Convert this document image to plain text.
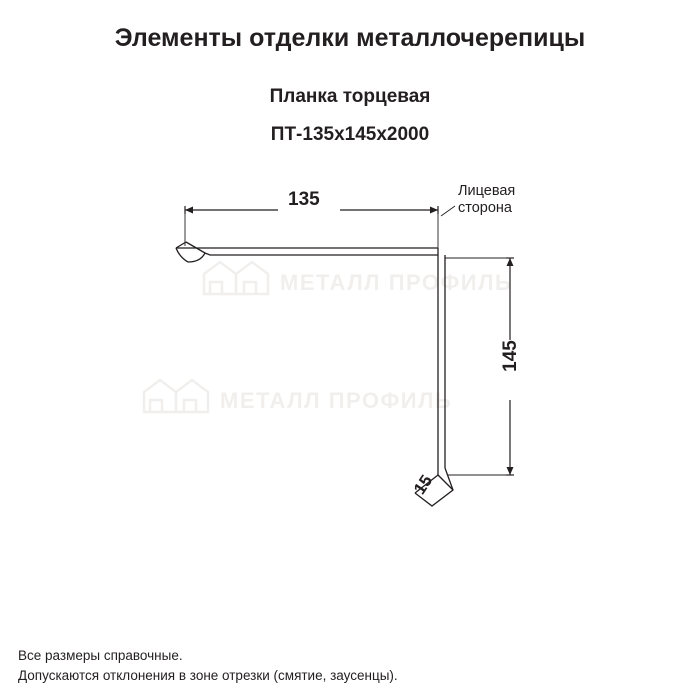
Элементы отделки металлочерепицы
Планка торцевая
ПТ-135х145х2000
МЕТАЛЛ ПРОФИЛЬ
МЕТАЛЛ ПРОФИЛЬ
135
145
15
Лицевая
сторона
Все размеры справочные.
Допускаются отклонения в зоне отрезки (смятие, заусенцы).
